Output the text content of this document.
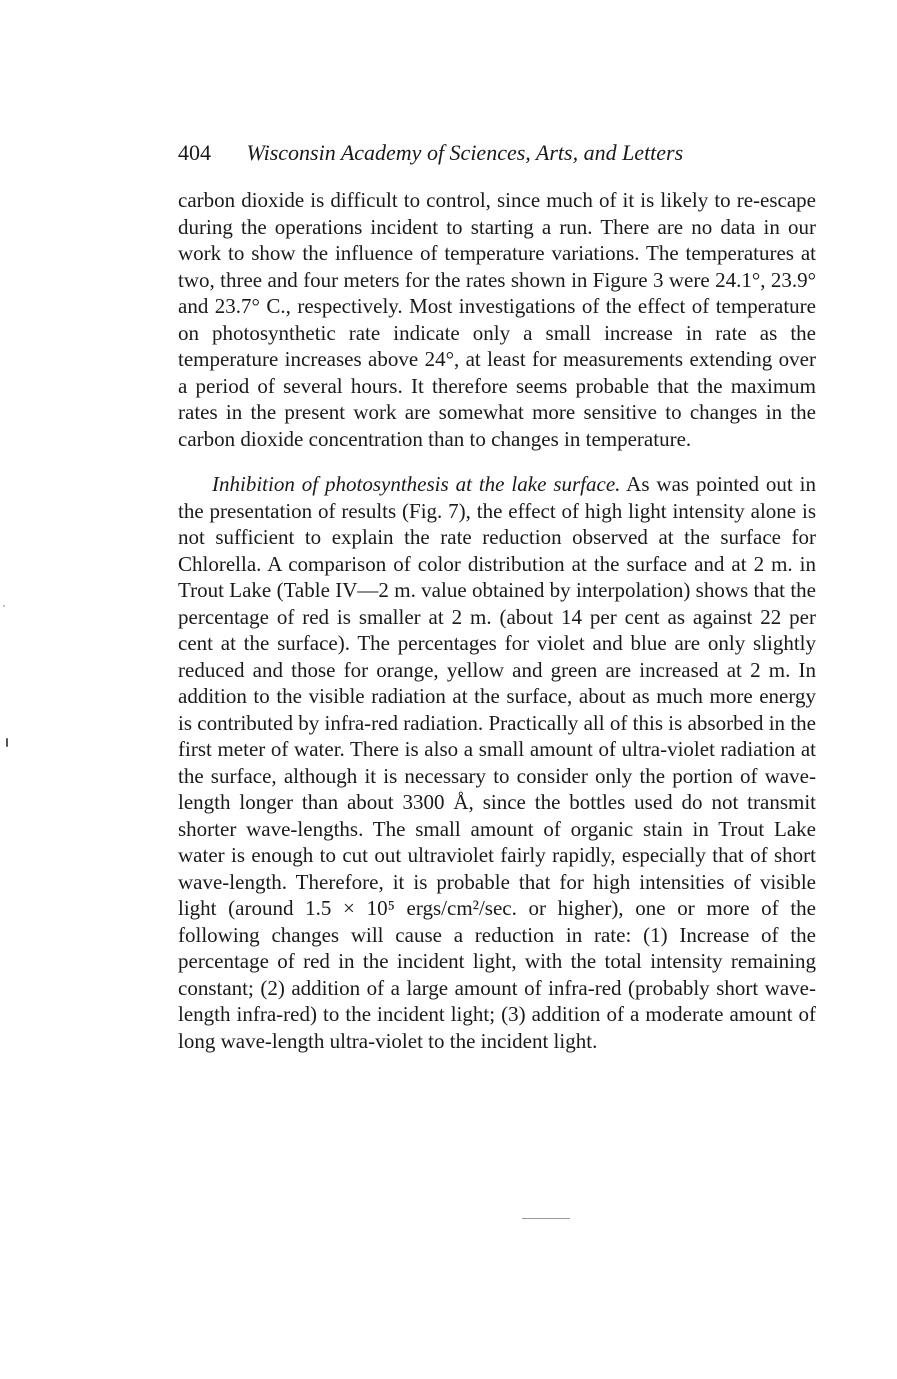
404 Wisconsin Academy of Sciences, Arts, and Letters

carbon dioxide is difficult to control, since much of it is likely to re-escape during the operations incident to starting a run. There are no data in our work to show the influence of temperature variations. The temperatures at two, three and four meters for the rates shown in Figure 3 were 24.1°, 23.9° and 23.7° C., respectively. Most investigations of the effect of temperature on photosynthetic rate indicate only a small increase in rate as the temperature increases above 24°, at least for measurements extending over a period of several hours. It therefore seems probable that the maximum rates in the present work are somewhat more sensitive to changes in the carbon dioxide concentration than to changes in temperature.

Inhibition of photosynthesis at the lake surface. As was pointed out in the presentation of results (Fig. 7), the effect of high light intensity alone is not sufficient to explain the rate reduction observed at the surface for Chlorella. A comparison of color distribution at the surface and at 2 m. in Trout Lake (Table IV—2 m. value obtained by interpolation) shows that the percentage of red is smaller at 2 m. (about 14 per cent as against 22 per cent at the surface). The percentages for violet and blue are only slightly reduced and those for orange, yellow and green are increased at 2 m. In addition to the visible radiation at the surface, about as much more energy is contributed by infra-red radiation. Practically all of this is absorbed in the first meter of water. There is also a small amount of ultra-violet radiation at the surface, although it is necessary to consider only the portion of wave-length longer than about 3300 Å, since the bottles used do not transmit shorter wave-lengths. The small amount of organic stain in Trout Lake water is enough to cut out ultraviolet fairly rapidly, especially that of short wave-length. Therefore, it is probable that for high intensities of visible light (around 1.5 × 10⁵ ergs/cm²/sec. or higher), one or more of the following changes will cause a reduction in rate: (1) Increase of the percentage of red in the incident light, with the total intensity remaining constant; (2) addition of a large amount of infra-red (probably short wave-length infra-red) to the incident light; (3) addition of a moderate amount of long wave-length ultra-violet to the incident light.
